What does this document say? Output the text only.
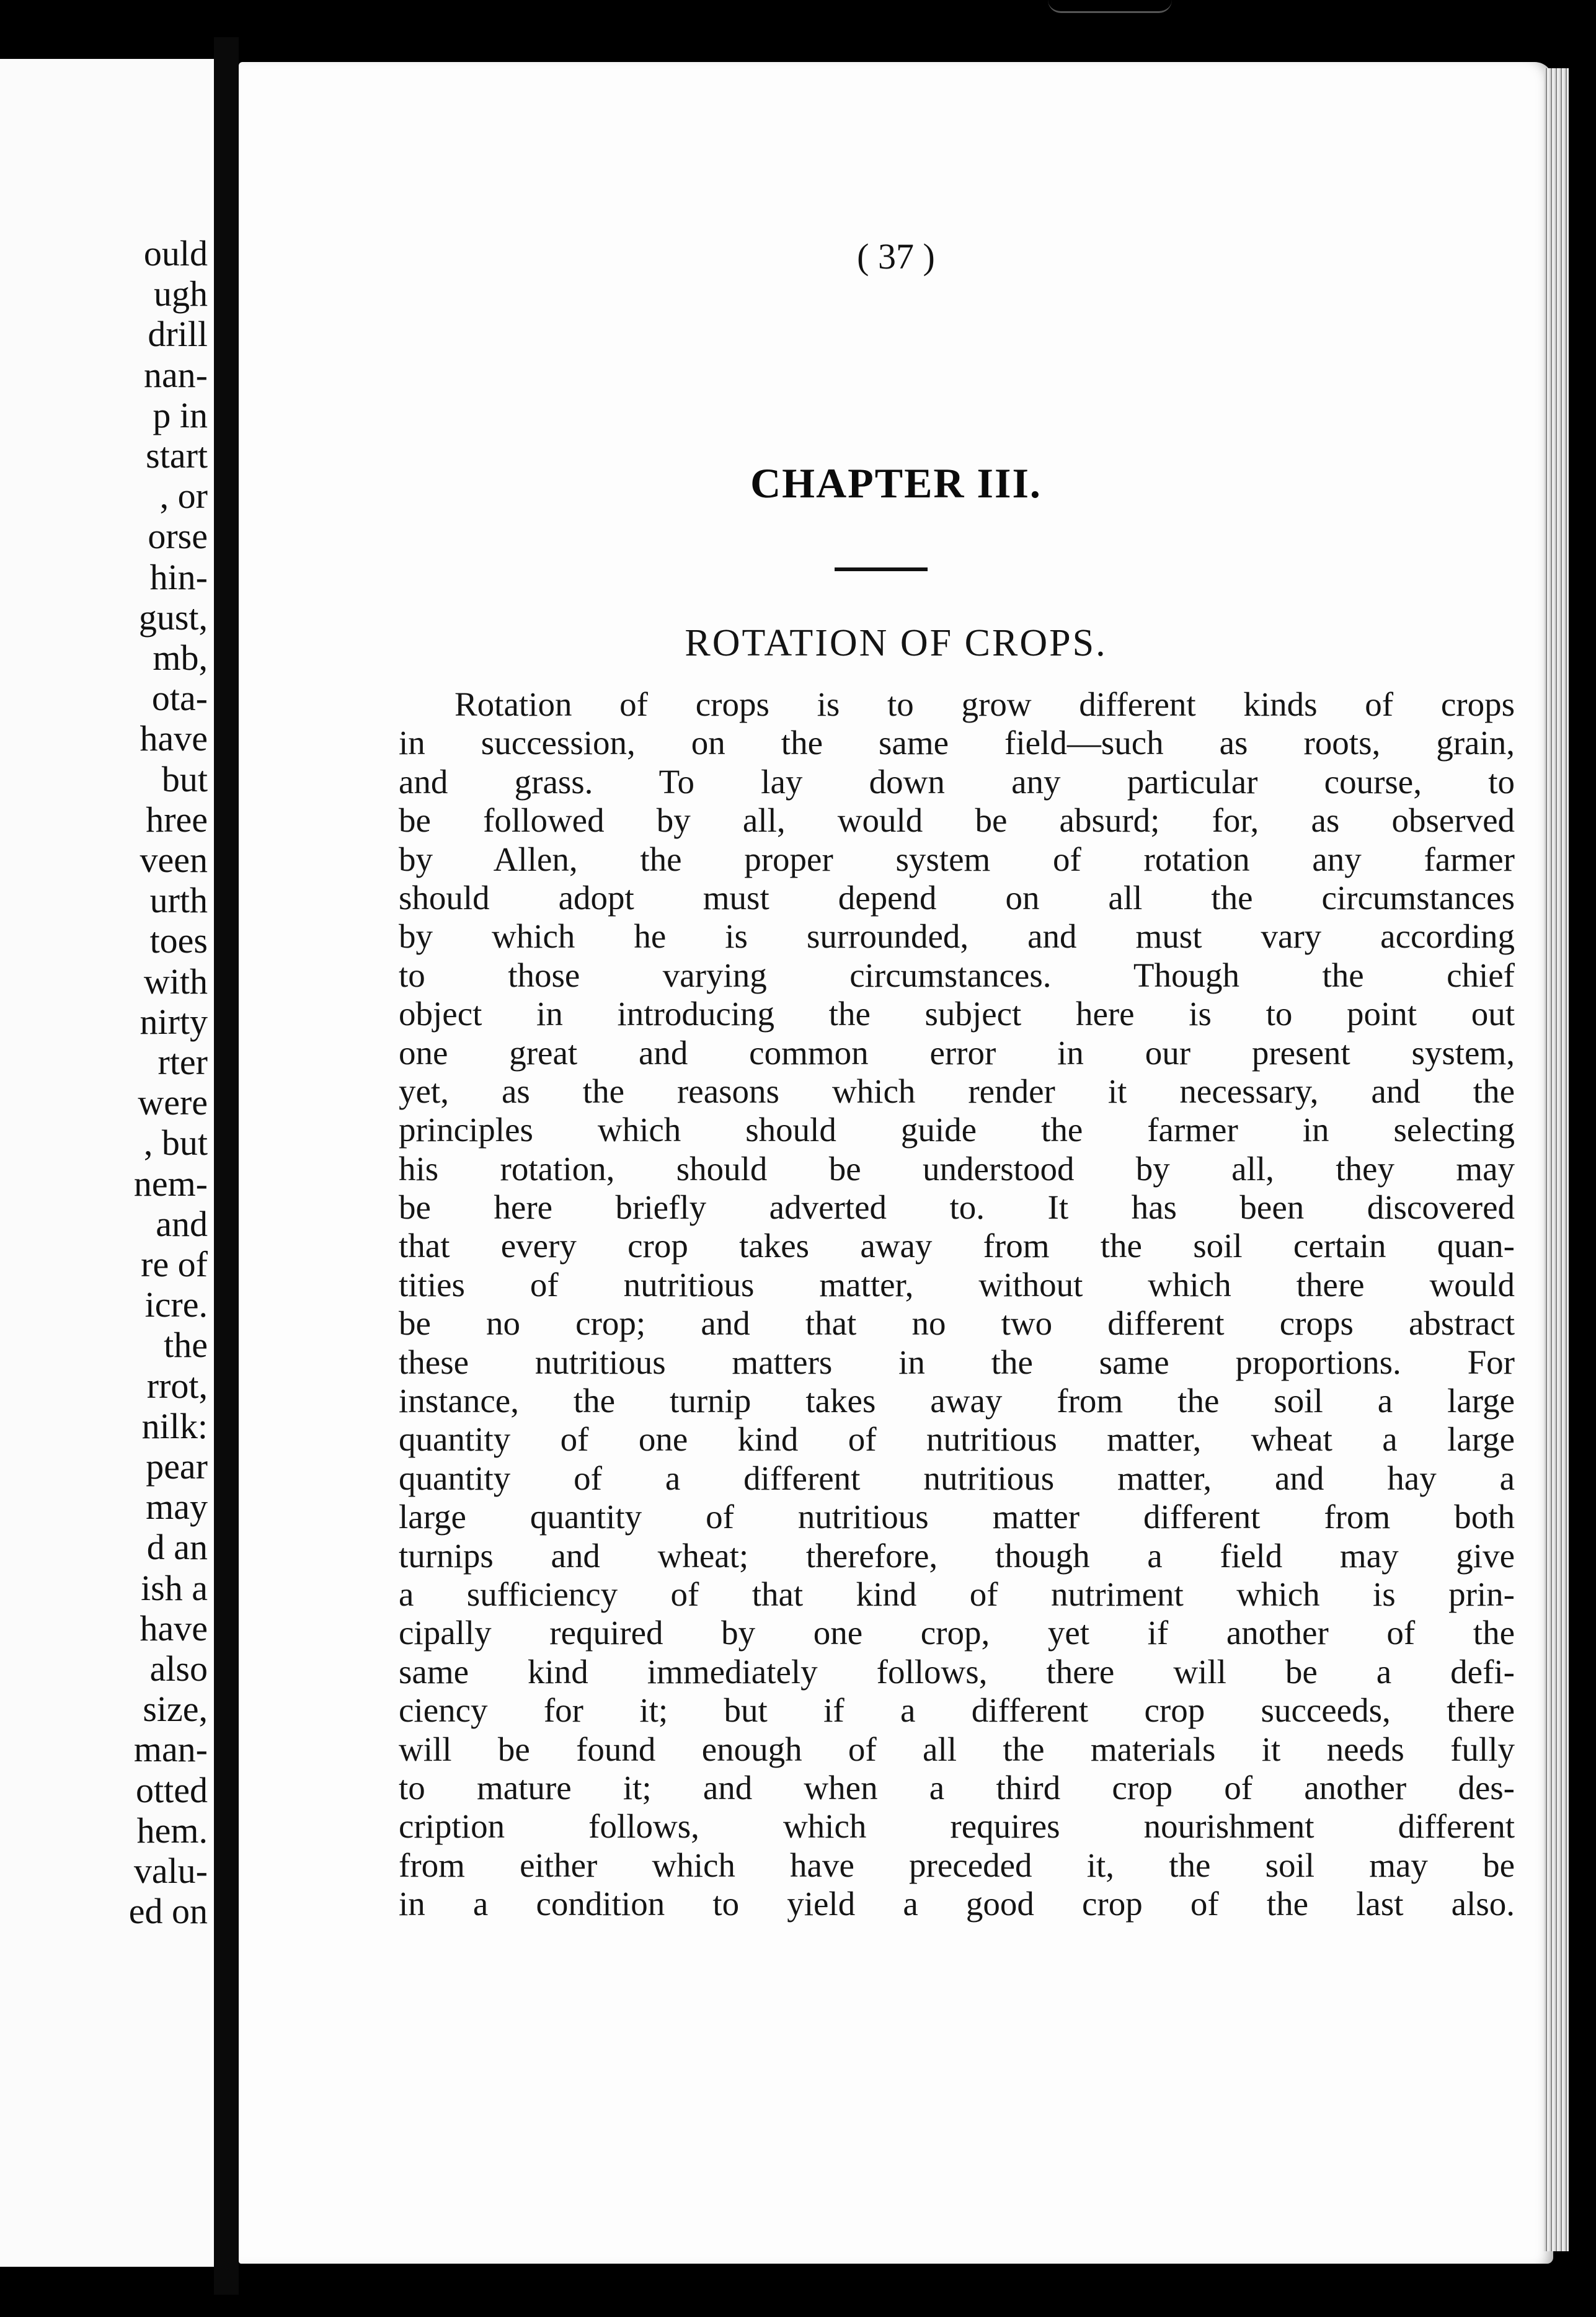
ould
ugh
drill
nan-
p in
start
, or
orse
hin-
gust,
mb,
ota-
have
but
hree
veen
urth
toes
with
nirty
rter
were
, but
nem-
and
re of
icre.
the
rrot,
nilk:
pear
may
d an
ish a
have
also
size,
man-
otted
hem.
valu-
ed on
( 37 )
CHAPTER III.
ROTATION OF CROPS.
Rotation of crops is to grow different kinds of crops
in succession, on the same field—such as roots, grain,
and grass. To lay down any particular course, to
be followed by all, would be absurd; for, as observed
by Allen, the proper system of rotation any farmer
should adopt must depend on all the circumstances
by which he is surrounded, and must vary according
to those varying circumstances. Though the chief
object in introducing the subject here is to point out
one great and common error in our present system,
yet, as the reasons which render it necessary, and the
principles which should guide the farmer in selecting
his rotation, should be understood by all, they may
be here briefly adverted to. It has been discovered
that every crop takes away from the soil certain quan-
tities of nutritious matter, without which there would
be no crop; and that no two different crops abstract
these nutritious matters in the same proportions. For
instance, the turnip takes away from the soil a large
quantity of one kind of nutritious matter, wheat a large
quantity of a different nutritious matter, and hay a
large quantity of nutritious matter different from both
turnips and wheat; therefore, though a field may give
a sufficiency of that kind of nutriment which is prin-
cipally required by one crop, yet if another of the
same kind immediately follows, there will be a defi-
ciency for it; but if a different crop succeeds, there
will be found enough of all the materials it needs fully
to mature it; and when a third crop of another des-
cription follows, which requires nourishment different
from either which have preceded it, the soil may be
in a condition to yield a good crop of the last also.
